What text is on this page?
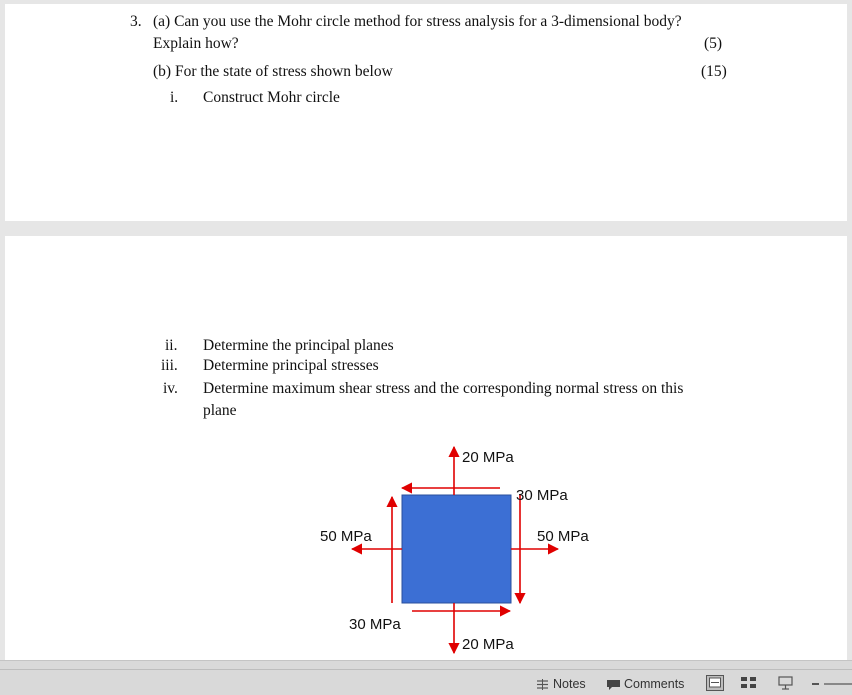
3. (a) Can you use the Mohr circle method for stress analysis for a 3-dimensional body?
Explain how?	(5)
(b) For the state of stress shown below	(15)
i. Construct Mohr circle
ii. Determine the principal planes
iii. Determine principal stresses
iv. Determine maximum shear stress and the corresponding normal stress on this
plane
20 MPa
30 MPa
50 MPa	50 MPa
30 MPa
20 MPa
Notes	Comments
